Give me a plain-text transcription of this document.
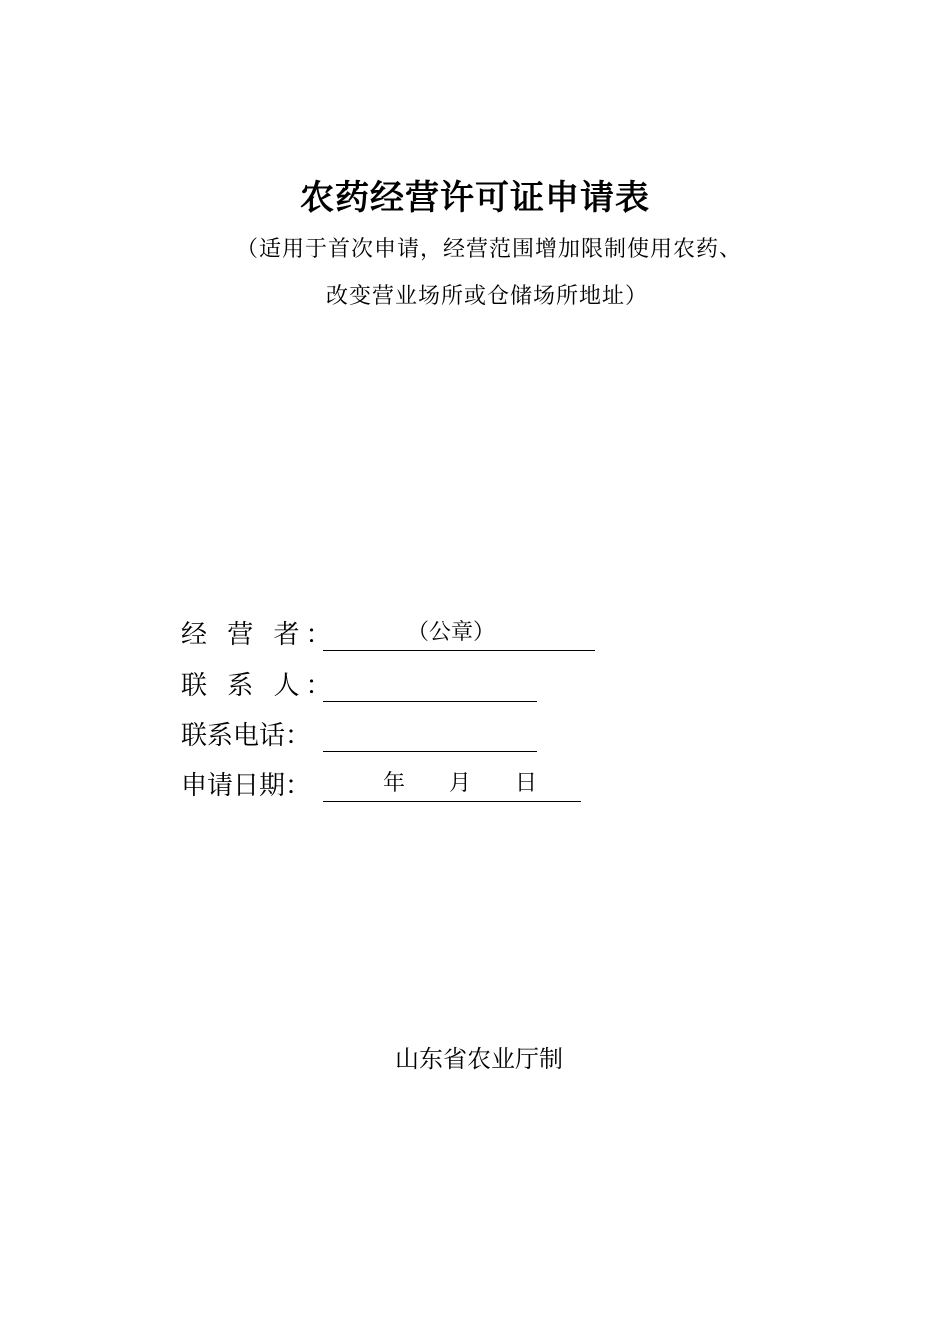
农药经营许可证申请表

（适用于首次申请，经营范围增加限制使用农药、

改变营业场所或仓储场所地址）

经 营 者：	（公章）
联 系 人：
联系电话：
申请日期：	年 月 日

山东省农业厅制
